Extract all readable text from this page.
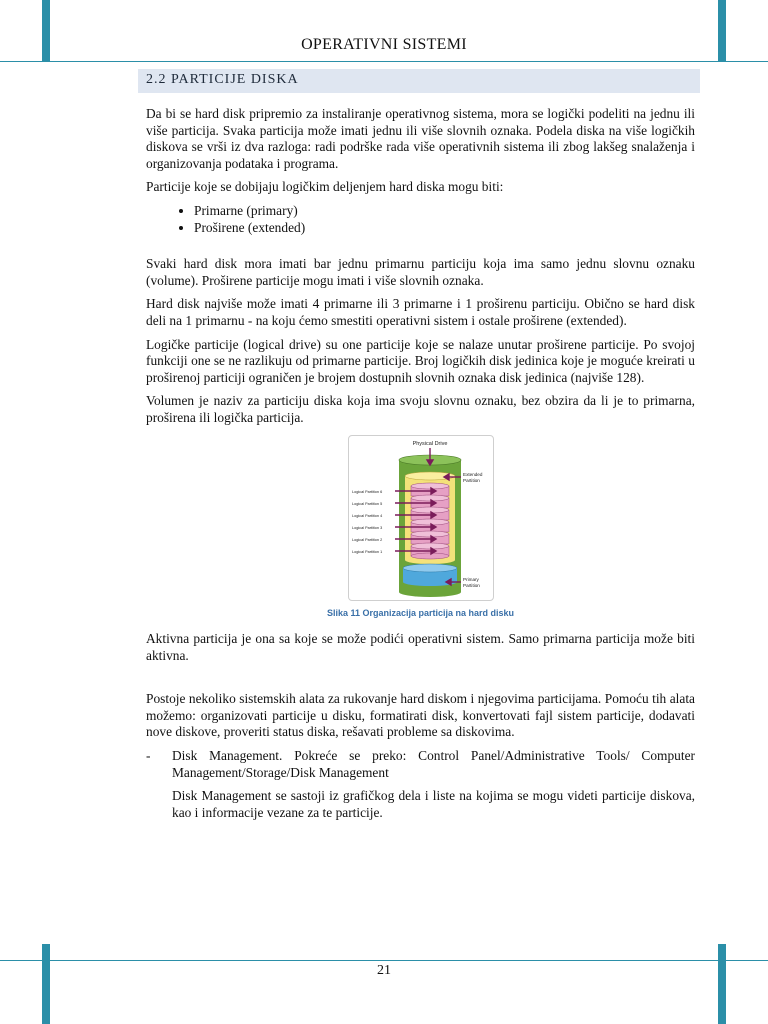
OPERATIVNI SISTEMI
2.2 PARTICIJE DISKA

Da bi se hard disk pripremio za instaliranje operativnog sistema, mora se logički podeliti na jednu ili više particija. Svaka particija može imati jednu ili više slovnih oznaka. Podela diska na više logičkih diskova se vrši iz dva razloga: radi podrške rada više operativnih sistema ili zbog lakšeg snalaženja i organizovanja podataka i programa.

Particije koje se dobijaju logičkim deljenjem hard diska mogu biti:

• Primarne (primary)
• Proširene (extended)

Svaki hard disk mora imati bar jednu primarnu particiju koja ima samo jednu slovnu oznaku (volume). Proširene particije mogu imati i više slovnih oznaka.

Hard disk najviše može imati 4 primarne ili 3 primarne i 1 proširenu particiju. Obično se hard disk deli na 1 primarnu - na koju ćemo smestiti operativni sistem i ostale proširene (extended).

Logičke particije (logical drive) su one particije koje se nalaze unutar proširene particije. Po svojoj funkciji one se ne razlikuju od primarne particije. Broj logičkih disk jedinica koje je moguće kreirati u proširenoj particiji ograničen je brojem dostupnih slovnih oznaka disk jedinica (najviše 128).

Volumen je naziv za particiju diska koja ima svoju slovnu oznaku, bez obzira da li je to primarna, proširena ili logička particija.

Physical Drive
Extended
Partition
Logical Partition 6
Logical Partition 5
Logical Partition 4
Logical Partition 3
Logical Partition 2
Logical Partition 1
Primary
Partition
Slika 11 Organizacija particija na hard disku

Aktivna particija je ona sa koje se može podići operativni sistem. Samo primarna particija može biti aktivna.

Postoje nekoliko sistemskih alata za rukovanje hard diskom i njegovima particijama. Pomoću tih alata možemo: organizovati particije u disku, formatirati disk, konvertovati fajl sistem particije, dodavati nove diskove, proveriti status diska, rešavati probleme sa diskovima.

- Disk Management. Pokreće se preko: Control Panel/Administrative Tools/ Computer Management/Storage/Disk Management

Disk Management se sastoji iz grafičkog dela i liste na kojima se mogu videti particije diskova, kao i informacije vezane za te particije.

21
